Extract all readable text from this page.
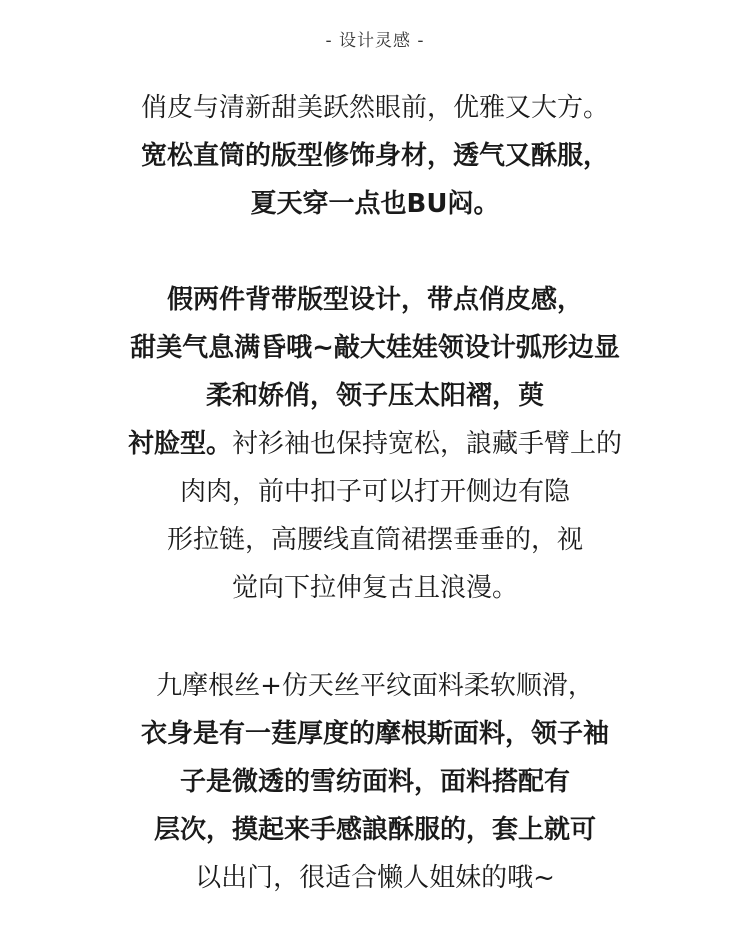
- 设计灵感 -
俏皮与清新甜美跃然眼前，优雅又大方。
宽松直筒的版型修饰身材，透气又酥服，
夏天穿一点也BU闷。
假两件背带版型设计，带点俏皮感，
甜美气息满昏哦~敲大娃娃领设计弧形边显
柔和娇俏，领子压太阳褶，萸
衬脸型。衬衫袖也保持宽松，誏藏手臂上的
肉肉，前中扣子可以打开侧边有隐
形拉链，高腰线直筒裙摆垂垂的，视
觉向下拉伸复古且浪漫。
九摩根丝+仿天丝平纹面料柔软顺滑，
衣身是有一莛厚度的摩根斯面料，领子袖
子是微透的雪纺面料，面料搭配有
层次，摸起来手感誏酥服的，套上就可
以出门，很适合懒人姐妹的哦~
